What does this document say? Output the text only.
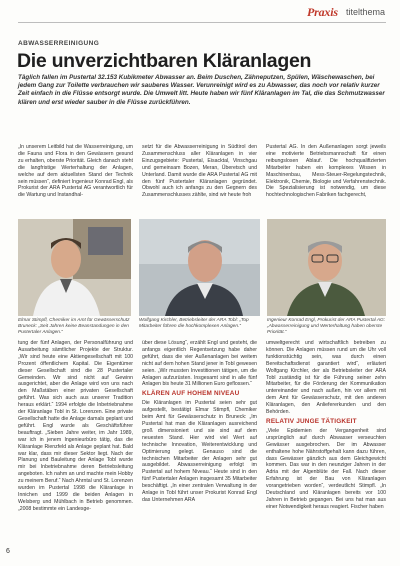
Praxis titelthema
ABWASSERREINIGUNG
Die unverzichtbaren Kläranlagen
Täglich fallen im Pustertal 32.153 Kubikmeter Abwasser an. Beim Duschen, Zähneputzen, Spülen, Wäschewaschen, bei jedem Gang zur Toilette verbrauchen wir sauberes Wasser. Verunreinigt wird es zu Abwasser, das noch vor relativ kurzer Zeit einfach in die Flüsse entsorgt wurde. Die Umwelt litt. Heute haben wir fünf Kläranlagen im Tal, die das Schmutzwasser klären und erst wieder sauber in die Flüsse zurückführen.

„In unserem Leitbild hat die Wasserreinigung, um die Fauna und Flora in den Gewässern gesund zu erhalten, oberste Priorität. Gleich danach steht die langfristige Werterhaltung der Anlagen, welche auf dem aktuellsten Stand der Technik sein müssen“, definiert Ingenieur Konrad Engl, als Prokurist der ARA Pustertal AG verantwortlich für die Wartung und Instandhal-

setzt für die Abwasserreinigung in Südtirol den Zusammenschluss aller Kläranlagen in vier Einzugsgebiete: Pustertal, Eisacktal, Vinschgau und gemeinsam Bozen, Meran, Überetsch und Unterland. Damit wurde die ARA Pustertal AG mit den fünf Pustertaler Kläranlagen gegründet. Obwohl auch ich anfangs zu den Gegnern des Zusammenschlusses zählte, sind wir heute froh

Pustertal AG. In den Außenanlagen sorgt jeweils eine motivierte Betriebsmannschaft für einen reibungslosen Ablauf. Die hochqualifizierten Mitarbeiter haben ein komplexes Wissen in Maschinenbau, Mess-Steuer-Regelungstechnik, Elektronik, Chemie, Biologie und Verfahrenstechnik. Die Spezialisierung ist notwendig, um diese hochtechnologischen Fabriken fachgerecht,

Elmar Stimpfl, Chemiker im Amt für Gewässerschutz Bruneck: „Seit Jahren keine Beanstandungen in den Pustertaler Anlagen.“
Wolfgang Kirchler, Betriebsleiter der ARA Tobl: „Top Mitarbeiter führen die hochkomplexen Anlagen.“
Ingenieur Konrad Engl, Prokurist der ARA Pustertal AG: „Abwasserreinigung und Werterhaltung haben oberste Priorität.“

tung der fünf Anlagen, der Personalführung und Ausarbeitung sämtlicher Projekte der Struktur. „Wir sind heute eine Aktiengesellschaft mit 100 Prozent öffentlichem Kapital. Die Eigentümer dieser Gesellschaft sind die 28 Pustertaler Gemeinden. Wir sind nicht auf Gewinn ausgerichtet, aber die Anlage wird von uns nach den Maßstäben einer privaten Gesellschaft geführt. Was sich auch aus unserer Tradition heraus erklärt.“ 1994 erfolgte die Inbetriebnahme der Kläranlage Tobl in St. Lorenzen. Eine private Gesellschaft hatte die Anlage damals geplant und geführt. Engl wurde als Geschäftsführer beauftragt. „Sieben Jahre weiter, im Jahr 1989, war ich in jenem Ingenieurbüro tätig, das die Kläranlage Rienzfeld als Anlage geplant hat. Bald war klar, dass mir dieser Sektor liegt. Nach der Planung und Bauleitung der Anlage Tobl wurde mir bei Inbetriebnahme deren Betriebsleitung angeboten. Ich nahm an und machte mein Hobby zu meinem Beruf.“ Nach Ahrntal und St. Lorenzen wurden im Pustertal 1998 die Kläranlage in Innichen und 1999 die beiden Anlagen in Welsberg und Mühlbach in Betrieb genommen. „2008 bestimmte ein Landesge-

über diese Lösung“, erzählt Engl und gesteht, die anfangs eigentlich Regentsetzung habe daher geführt, dass die vier Außenanlagen bei weitem nicht auf dem hohen Stand jener in Tobl gewesen seien. „Wir mussten Investitionen tätigen, um die Anlagen aufzurüsten. Insgesamt sind in alle fünf Anlagen bis heute 31 Millionen Euro geflossen.“

KLÄREN AUF HOHEM NIVEAU

Die Kläranlagen im Pustertal seien sehr gut aufgestellt, bestätigt Elmar Stimpfl, Chemiker beim Amt für Gewässerschutz in Bruneck: „Im Pustertal hat man die Kläranlagen ausreichend groß dimensioniert und sie sind auf dem neuesten Stand. Hier wird viel Wert auf technische Innovation, Weiterentwicklung und Optimierung gelegt. Genauso sind die technischen Mitarbeiter der Anlagen sehr gut ausgebildet. Abwasserreinigung erfolgt im Pustertal auf hohem Niveau.“ Heute sind in den fünf Pustertaler Anlagen insgesamt 35 Mitarbeiter beschäftigt. „In einer zentralen Verwaltung in der Anlage in Tobl führt unser Prokurist Konrad Engl das Unternehmen ARA

umweltgerecht und wirtschaftlich betreiben zu können. Die Anlagen müssen rund um die Uhr voll funktionstüchtig sein, was durch einen Bereitschaftsdienst garantiert wird“, erläutert Wolfgang Kirchler, der als Betriebsleiter der ARA Tobl zuständig ist für die Führung seiner zehn Mitarbeiter, für die Förderung der Kommunikation untereinander und nach außen, hin vor allem mit dem Amt für Gewässerschutz, mit den anderen Kläranlagen, den Anliefererkunden und den Behörden.

RELATIV JUNGE TÄTIGKEIT

„Viele Epidemien der Vergangenheit sind ursprünglich auf durch Abwasser verseuchten Gewässer ausgebrochen. Der im Abwasser enthaltene hohe Nährstoffgehalt kann dazu führen, dass Gewässer gänzlich aus dem Gleichgewicht kommen. Das war in den neunziger Jahren in der Adria mit der Algenblüte der Fall. Nach dieser Erfahrung ist der Bau von Kläranlagen vorangetrieben worden“, verdeutlicht Stimpfl. „In Deutschland und Kläranlagen bereits vor 100 Jahren in Betrieb gegangen. Bei uns hat man aus einer Notwendigkeit heraus reagiert. Fischer haben

6
